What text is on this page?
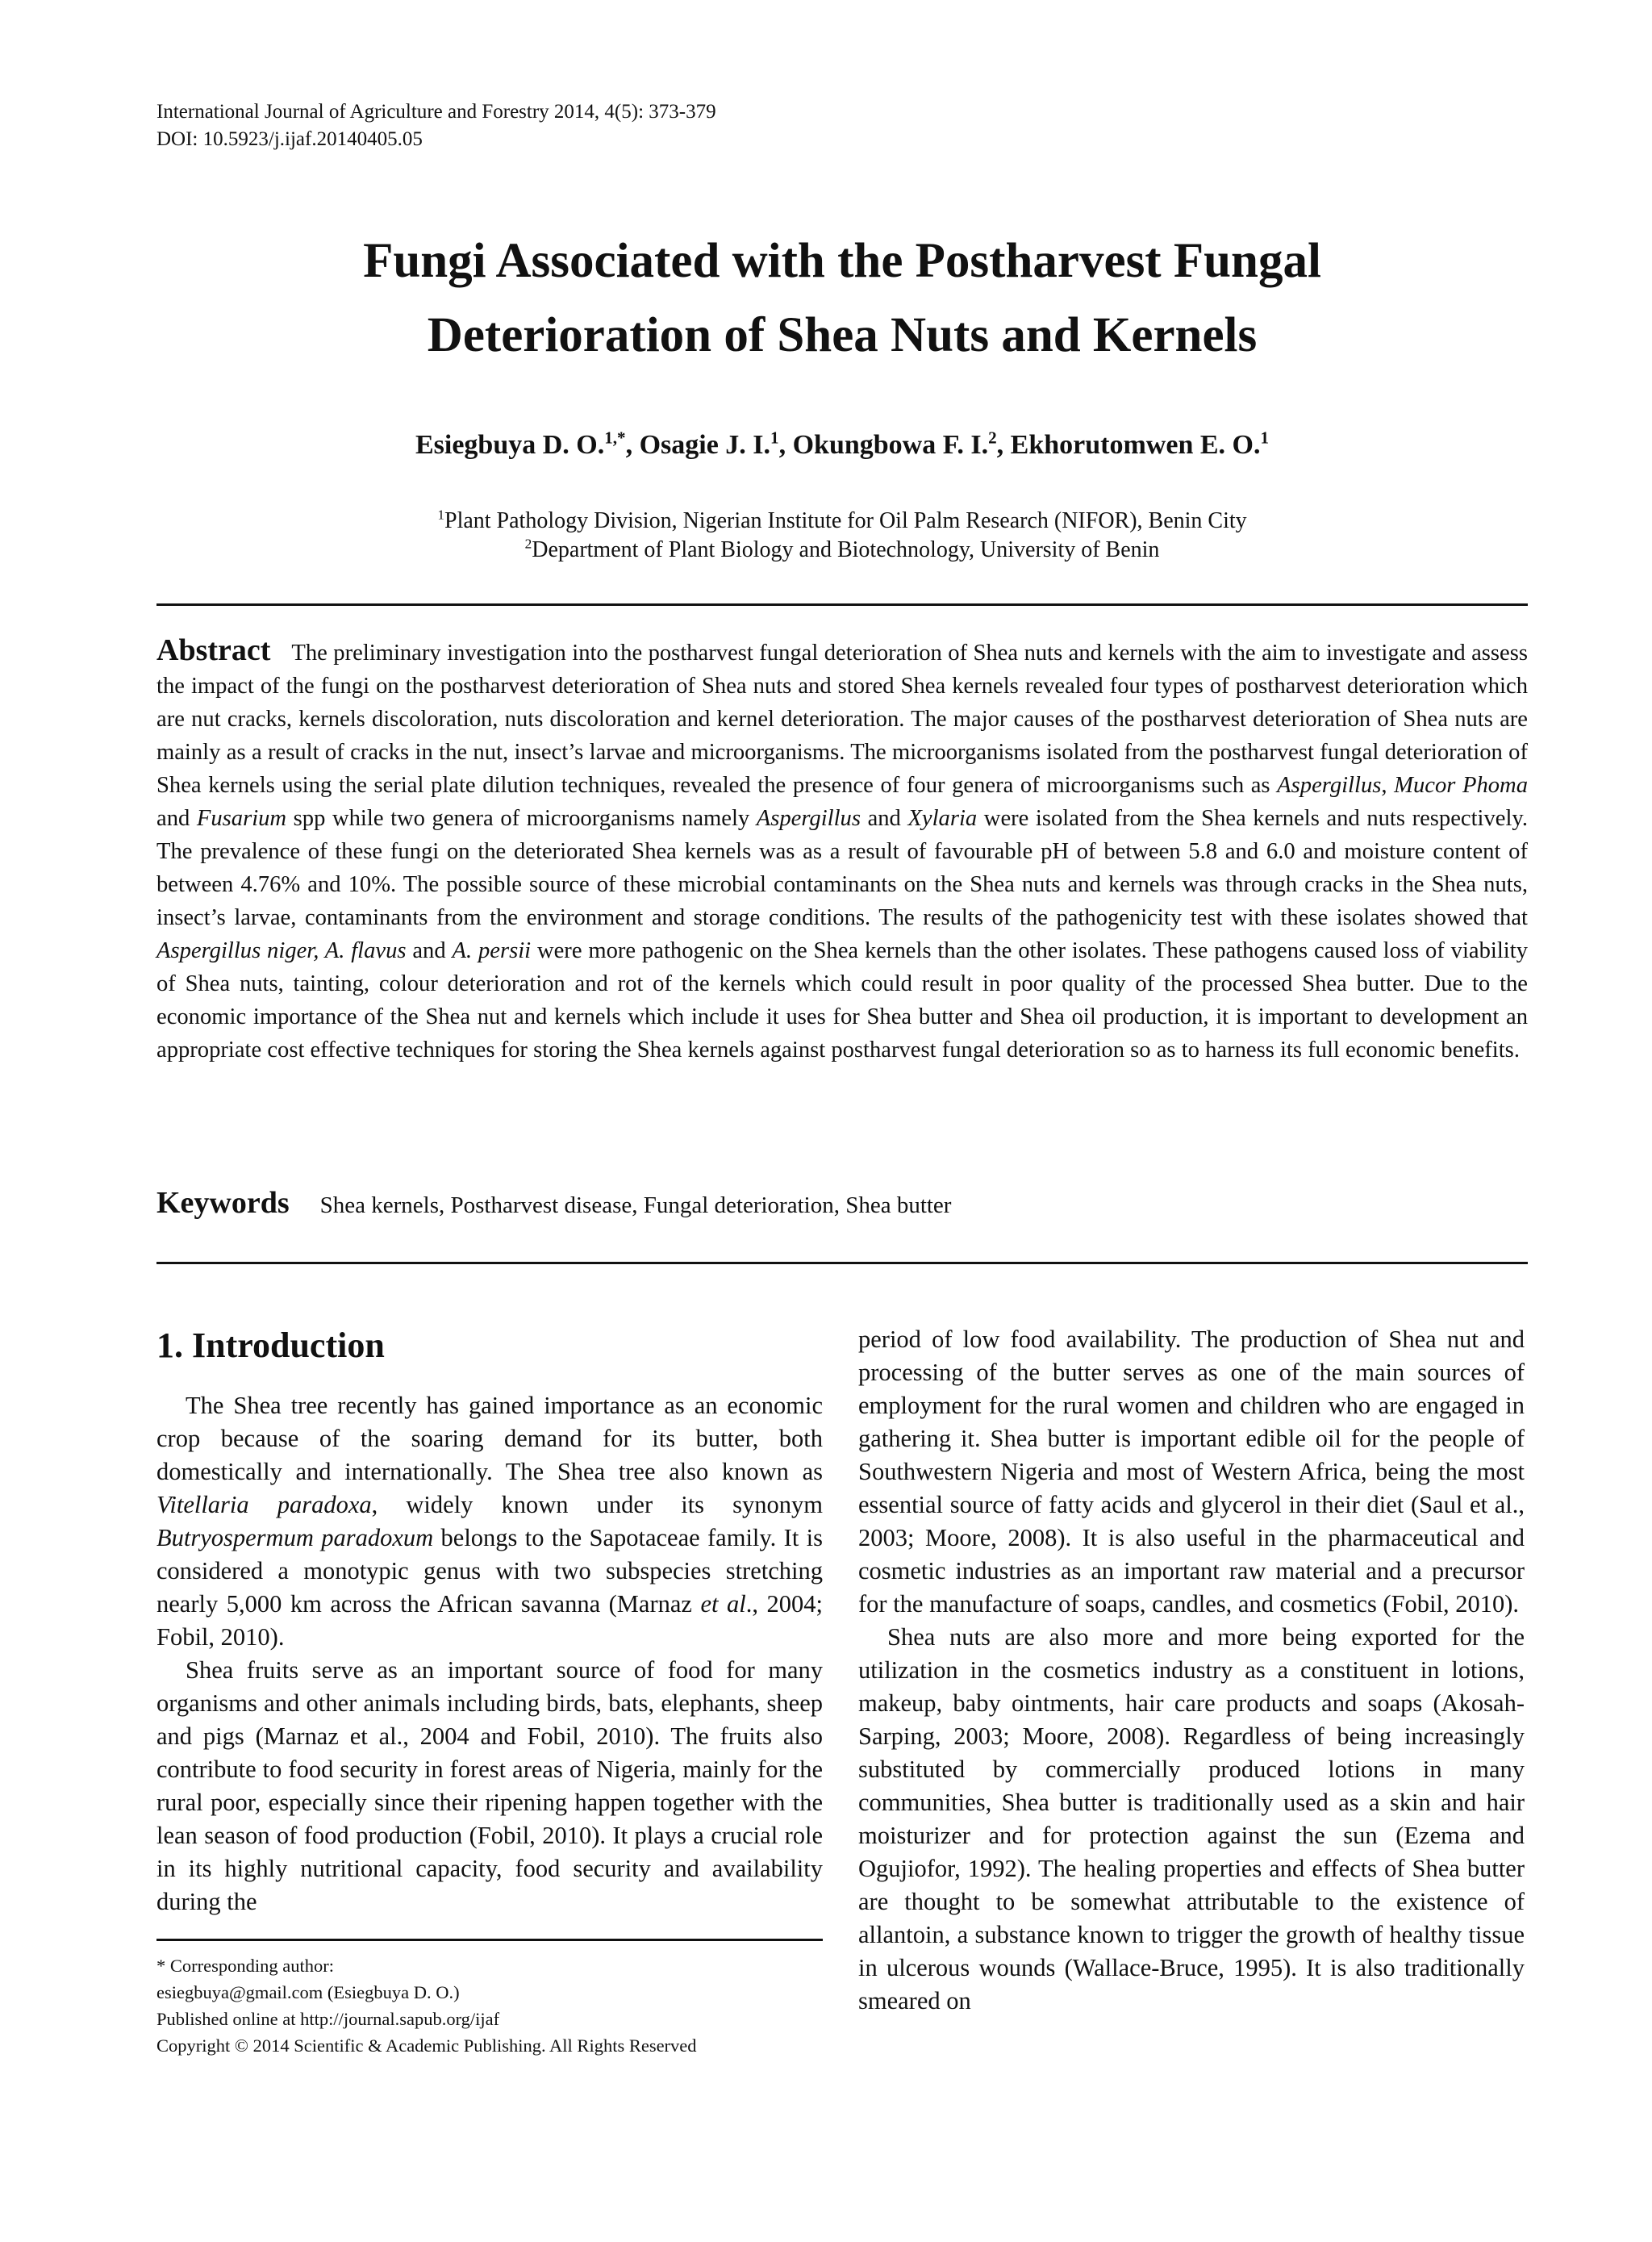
International Journal of Agriculture and Forestry 2014, 4(5): 373-379
DOI: 10.5923/j.ijaf.20140405.05
Fungi Associated with the Postharvest Fungal
Deterioration of Shea Nuts and Kernels
Esiegbuya D. O.$^{1,*}$, Osagie J. I.$^1$, Okungbowa F. I.$^2$, Ekhorutomwen E. O.$^1$
$^1$Plant Pathology Division, Nigerian Institute for Oil Palm Research (NIFOR), Benin City
$^2$Department of Plant Biology and Biotechnology, University of Benin
Abstract The preliminary investigation into the postharvest fungal deterioration of Shea nuts and kernels with the aim to investigate and assess the impact of the fungi on the postharvest deterioration of Shea nuts and stored Shea kernels revealed four types of postharvest deterioration which are nut cracks, kernels discoloration, nuts discoloration and kernel deterioration. The major causes of the postharvest deterioration of Shea nuts are mainly as a result of cracks in the nut, insect’s larvae and microorganisms. The microorganisms isolated from the postharvest fungal deterioration of Shea kernels using the serial plate dilution techniques, revealed the presence of four genera of microorganisms such as Aspergillus, Mucor Phoma and Fusarium spp while two genera of microorganisms namely Aspergillus and Xylaria were isolated from the Shea kernels and nuts respectively. The prevalence of these fungi on the deteriorated Shea kernels was as a result of favourable pH of between 5.8 and 6.0 and moisture content of between 4.76% and 10%. The possible source of these microbial contaminants on the Shea nuts and kernels was through cracks in the Shea nuts, insect’s larvae, contaminants from the environment and storage conditions. The results of the pathogenicity test with these isolates showed that Aspergillus niger, A. flavus and A. persii were more pathogenic on the Shea kernels than the other isolates. These pathogens caused loss of viability of Shea nuts, tainting, colour deterioration and rot of the kernels which could result in poor quality of the processed Shea butter. Due to the economic importance of the Shea nut and kernels which include it uses for Shea butter and Shea oil production, it is important to development an appropriate cost effective techniques for storing the Shea kernels against postharvest fungal deterioration so as to harness its full economic benefits.
Keywords Shea kernels, Postharvest disease, Fungal deterioration, Shea butter
1. Introduction

The Shea tree recently has gained importance as an economic crop because of the soaring demand for its butter, both domestically and internationally. The Shea tree also known as Vitellaria paradoxa, widely known under its synonym Butryospermum paradoxum belongs to the Sapotaceae family. It is considered a monotypic genus with two subspecies stretching nearly 5,000 km across the African savanna (Marnaz et al., 2004; Fobil, 2010).

Shea fruits serve as an important source of food for many organisms and other animals including birds, bats, elephants, sheep and pigs (Marnaz et al., 2004 and Fobil, 2010). The fruits also contribute to food security in forest areas of Nigeria, mainly for the rural poor, especially since their ripening happen together with the lean season of food production (Fobil, 2010). It plays a crucial role in its highly nutritional capacity, food security and availability during the

period of low food availability. The production of Shea nut and processing of the butter serves as one of the main sources of employment for the rural women and children who are engaged in gathering it. Shea butter is important edible oil for the people of Southwestern Nigeria and most of Western Africa, being the most essential source of fatty acids and glycerol in their diet (Saul et al., 2003; Moore, 2008). It is also useful in the pharmaceutical and cosmetic industries as an important raw material and a precursor for the manufacture of soaps, candles, and cosmetics (Fobil, 2010).

Shea nuts are also more and more being exported for the utilization in the cosmetics industry as a constituent in lotions, makeup, baby ointments, hair care products and soaps (Akosah-Sarping, 2003; Moore, 2008). Regardless of being increasingly substituted by commercially produced lotions in many communities, Shea butter is traditionally used as a skin and hair moisturizer and for protection against the sun (Ezema and Ogujiofor, 1992). The healing properties and effects of Shea butter are thought to be somewhat attributable to the existence of allantoin, a substance known to trigger the growth of healthy tissue in ulcerous wounds (Wallace-Bruce, 1995). It is also traditionally smeared on

* Corresponding author:
esiegbuya@gmail.com (Esiegbuya D. O.)
Published online at http://journal.sapub.org/ijaf
Copyright © 2014 Scientific & Academic Publishing. All Rights Reserved
